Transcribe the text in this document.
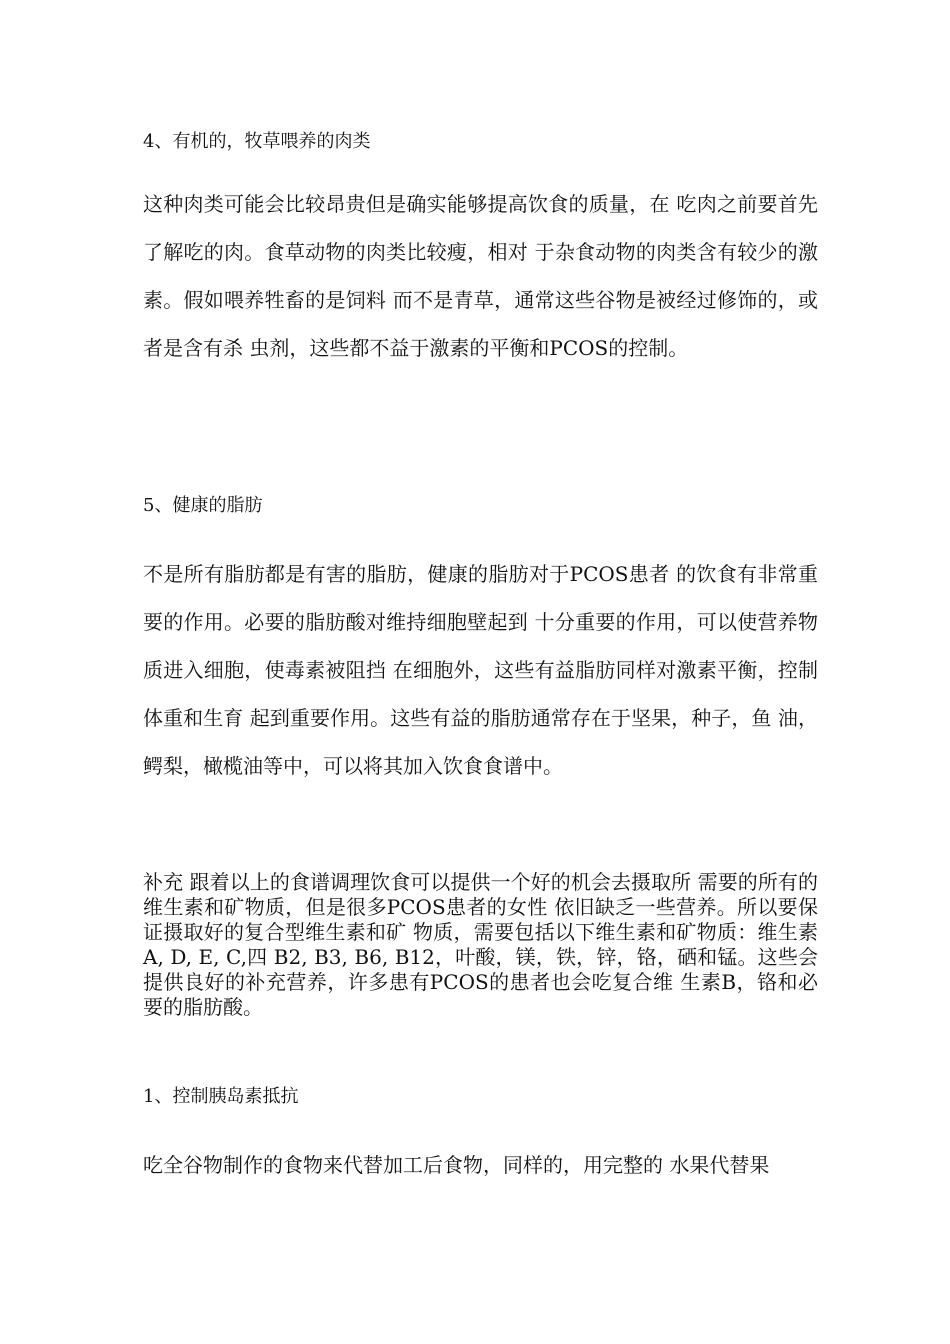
4、有机的，牧草喂养的肉类

这种肉类可能会比较昂贵但是确实能够提高饮食的质量，在 吃肉之前要首先了解吃的肉。食草动物的肉类比较瘦，相对 于杂食动物的肉类含有较少的激素。假如喂养牲畜的是饲料 而不是青草，通常这些谷物是被经过修饰的，或者是含有杀 虫剂，这些都不益于激素的平衡和PCOS的控制。

5、健康的脂肪

不是所有脂肪都是有害的脂肪，健康的脂肪对于PCOS患者 的饮食有非常重要的作用。必要的脂肪酸对维持细胞壁起到 十分重要的作用，可以使营养物质进入细胞，使毒素被阻挡 在细胞外，这些有益脂肪同样对激素平衡，控制体重和生育 起到重要作用。这些有益的脂肪通常存在于坚果，种子，鱼 油，鳄梨，橄榄油等中，可以将其加入饮食食谱中。

补充 跟着以上的食谱调理饮食可以提供一个好的机会去摄取所 需要的所有的维生素和矿物质，但是很多PCOS患者的女性 依旧缺乏一些营养。所以要保证摄取好的复合型维生素和矿 物质，需要包括以下维生素和矿物质：维生素A, D, E, C,四 B2, B3, B6, B12，叶酸，镁，铁，锌，铬，硒和锰。这些会 提供良好的补充营养，许多患有PCOS的患者也会吃复合维 生素B，铬和必要的脂肪酸。

1、控制胰岛素抵抗

吃全谷物制作的食物来代替加工后食物，同样的，用完整的 水果代替果
